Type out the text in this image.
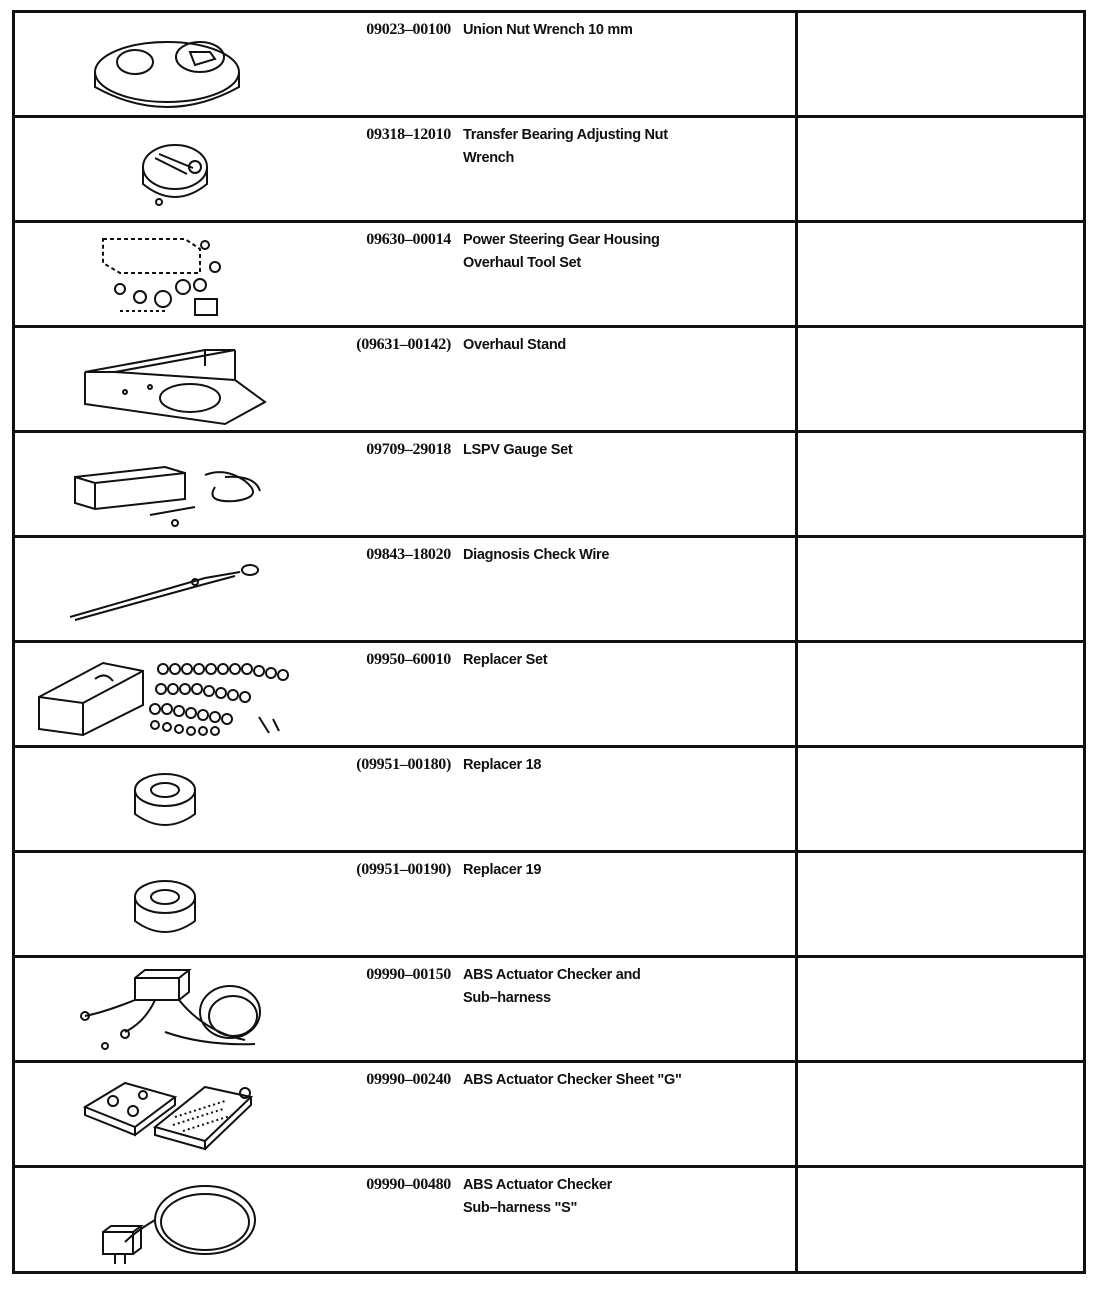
09023–00100 Union Nut Wrench 10 mm
09318–12010 Transfer Bearing Adjusting Nut
Wrench
09630–00014 Power Steering Gear Housing
Overhaul Tool Set
(09631–00142) Overhaul Stand
09709–29018 LSPV Gauge Set
09843–18020 Diagnosis Check Wire
09950–60010 Replacer Set
(09951–00180) Replacer 18
(09951–00190) Replacer 19
09990–00150 ABS Actuator Checker and
Sub–harness
09990–00240 ABS Actuator Checker Sheet "G"
09990–00480 ABS Actuator Checker
Sub–harness "S"
